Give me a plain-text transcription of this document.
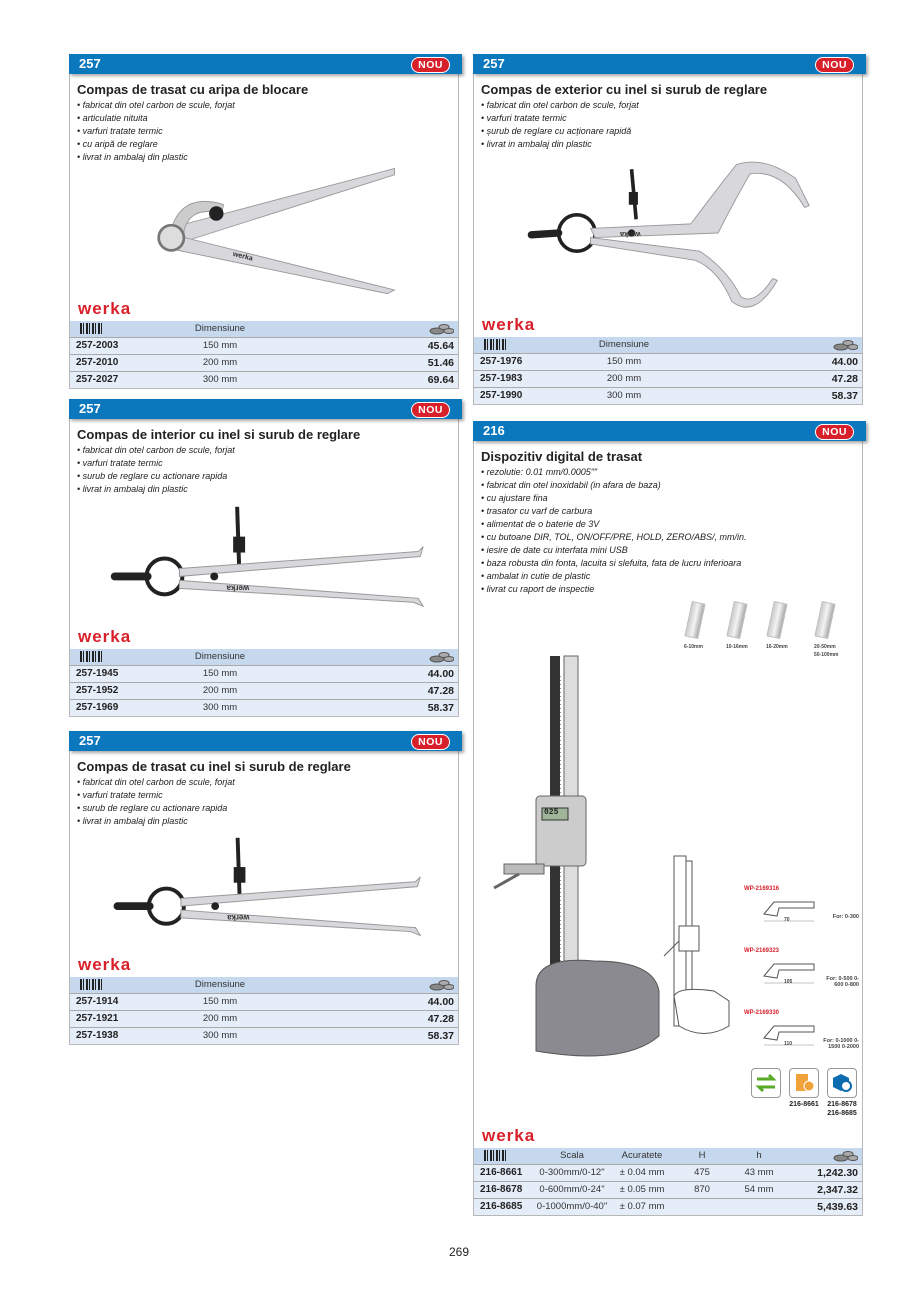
257	NOU
Compas de trasat cu aripa de blocare
• fabricat din otel carbon de scule, forjat
• articulatie nituita
• varfuri tratate termic
• cu aripă de reglare
• livrat in ambalaj din plastic
werka
werka
	Dimensiune	
257-2003	150 mm	45.64
257-2010	200 mm	51.46
257-2027	300 mm	69.64
257	NOU
Compas de interior cu inel si surub de reglare
• fabricat din otel carbon de scule, forjat
• varfuri tratate termic
• surub de reglare cu actionare rapida
• livrat in ambalaj din plastic
werka
werka
	Dimensiune	
257-1945	150 mm	44.00
257-1952	200 mm	47.28
257-1969	300 mm	58.37
257	NOU
Compas de trasat cu inel si surub de reglare
• fabricat din otel carbon de scule, forjat
• varfuri tratate termic
• surub de reglare cu actionare rapida
• livrat in ambalaj din plastic
werka
werka
	Dimensiune	
257-1914	150 mm	44.00
257-1921	200 mm	47.28
257-1938	300 mm	58.37
257	NOU
Compas de exterior cu inel si surub de reglare
• fabricat din otel carbon de scule, forjat
• varfuri tratate termic
• șurub de reglare cu acționare rapidă
• livrat in ambalaj din plastic
werka
werka
	Dimensiune	
257-1976	150 mm	44.00
257-1983	200 mm	47.28
257-1990	300 mm	58.37
216	NOU
Dispozitiv digital de trasat
• rezolutie: 0.01 mm/0.0005""
• fabricat din otel inoxidabil (in afara de baza)
• cu ajustare fina
• trasator cu varf de carbura
• alimentat de o baterie de 3V
• cu butoane DIR, TOL, ON/OFF/PRE, HOLD, ZERO/ABS/, mm/in.
• iesire de date cu interfata mini USB
• baza robusta din fonta, lacuita si slefuita, fata de lucru inferioara
• ambalat in cutie de plastic
• livrat cu raport de inspectie
025
6-10mm	10-16mm	16-20mm	20-50mm
50-100mm
WP-2169316
70	For: 0-300
WP-2169323
105	For: 0-500 0-600 0-800
WP-2169330
110	For: 0-1000 0-1500 0-2000
216-8661	216-8678 216-8685
werka
	Scala	Acuratete	H	h	
216-8661	0-300mm/0-12"	± 0.04 mm	475	43 mm	1,242.30
216-8678	0-600mm/0-24"	± 0.05 mm	870	54 mm	2,347.32
216-8685	0-1000mm/0-40"	± 0.07 mm			5,439.63
269
